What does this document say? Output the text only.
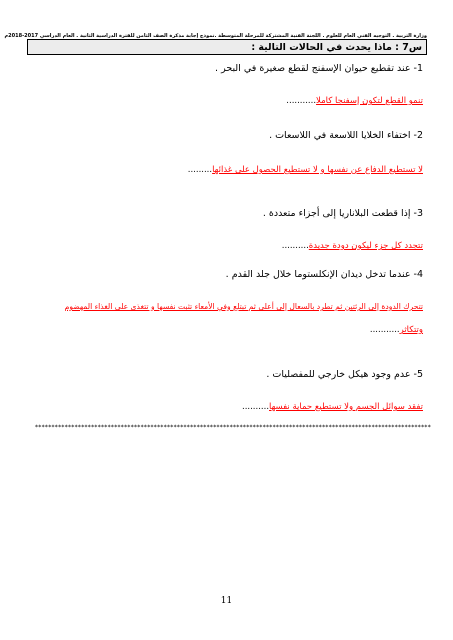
وزارة التربية . التوجيه الفني العام للعلوم . اللجنة الفنية المشتركة للمرحلة المتوسطة .نموذج إجابة مذكرة الصف الثامن للفترة الدراسية الثانية . العام الدراسي 2017-2018م
س7 : ماذا يحدث في الحالات التالية :
1- عند تقطيع حيوان الإسفنج لقطع صغيرة في البحر .
تنمو القطع لتكون إسفنجا كاملا...........
2- اختفاء الخلايا اللاسعة في اللاسعات .
لا تستطيع الدفاع عن نفسها و لا تستطيع الحصول على غذائها.........
3- إذا قطعت البلاناريا إلى أجزاء متعددة .
تتجدد كل جزء ليكون دودة جديدة..........
4- عندما تدخل ديدان الإنكلستوما خلال جلد القدم .
تتحرك الدودة إلى الرئتين ثم تطرد بالسعال إلى أعلى ثم تبتلع وفي الأمعاء تثبت نفسها و تتغذى على الغذاء المهضوم
وتتكاثر...........
5- عدم وجود هيكل خارجي للمفصليات .
تفقد سوائل الجسم ولا تستطيع حماية نفسها..........
************************************************************************************************************************
11
